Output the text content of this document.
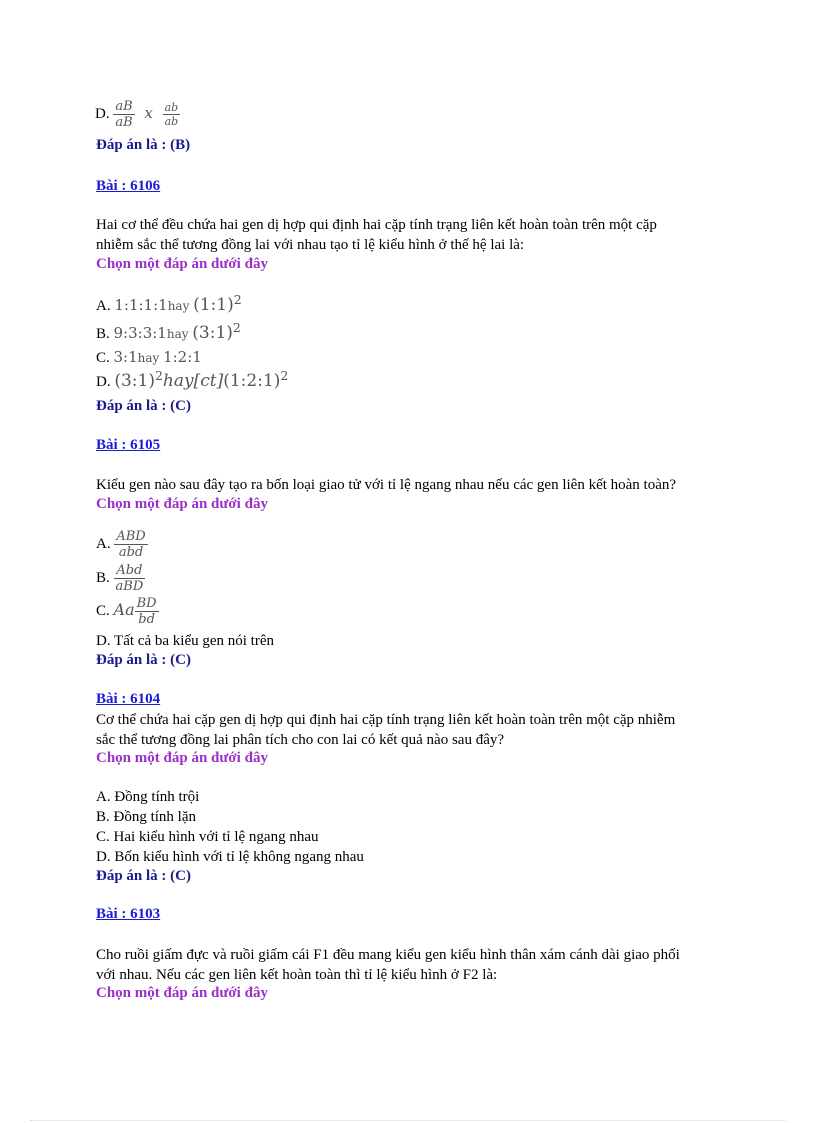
D. $\frac{aB}{aB}$ x $\frac{ab}{ab}$
Đáp án là : (B)
Bài : 6106
Hai cơ thể đều chứa hai gen dị hợp qui định hai cặp tính trạng liên kết hoàn toàn trên một cặp
nhiễm sắc thể tương đồng lai với nhau tạo tỉ lệ kiểu hình ở thế hệ lai là:
Chọn một đáp án dưới đây
A. 1:1:1:1hay (1:1)$^2$
B. 9:3:3:1hay (3:1)$^2$
C. 3:1hay 1:2:1
D. (3:1)$^2$hay[ct](1:2:1)$^2$
Đáp án là : (C)
Bài : 6105
Kiểu gen nào sau đây tạo ra bốn loại giao tử với tỉ lệ ngang nhau nếu các gen liên kết hoàn toàn?
Chọn một đáp án dưới đây
A. $\frac{\text{ABD}}{\text{abd}}$
B. $\frac{\text{Abd}}{\text{aBD}}$
C. Aa $\frac{BD}{bd}$
D. Tất cả ba kiểu gen nói trên
Đáp án là : (C)
Bài : 6104
Cơ thể chứa hai cặp gen dị hợp qui định hai cặp tính trạng liên kết hoàn toàn trên một cặp nhiễm
sắc thể tương đồng lai phân tích cho con lai có kết quả nào sau đây?
Chọn một đáp án dưới đây
A. Đồng tính trội
B. Đồng tính lặn
C. Hai kiểu hình với tỉ lệ ngang nhau
D. Bốn kiểu hình với tỉ lệ không ngang nhau
Đáp án là : (C)
Bài : 6103
Cho ruồi giấm đực và ruồi giấm cái F1 đều mang kiểu gen kiểu hình thân xám cánh dài giao phối
với nhau. Nếu các gen liên kết hoàn toàn thì tỉ lệ kiểu hình ở F2 là:
Chọn một đáp án dưới đây
